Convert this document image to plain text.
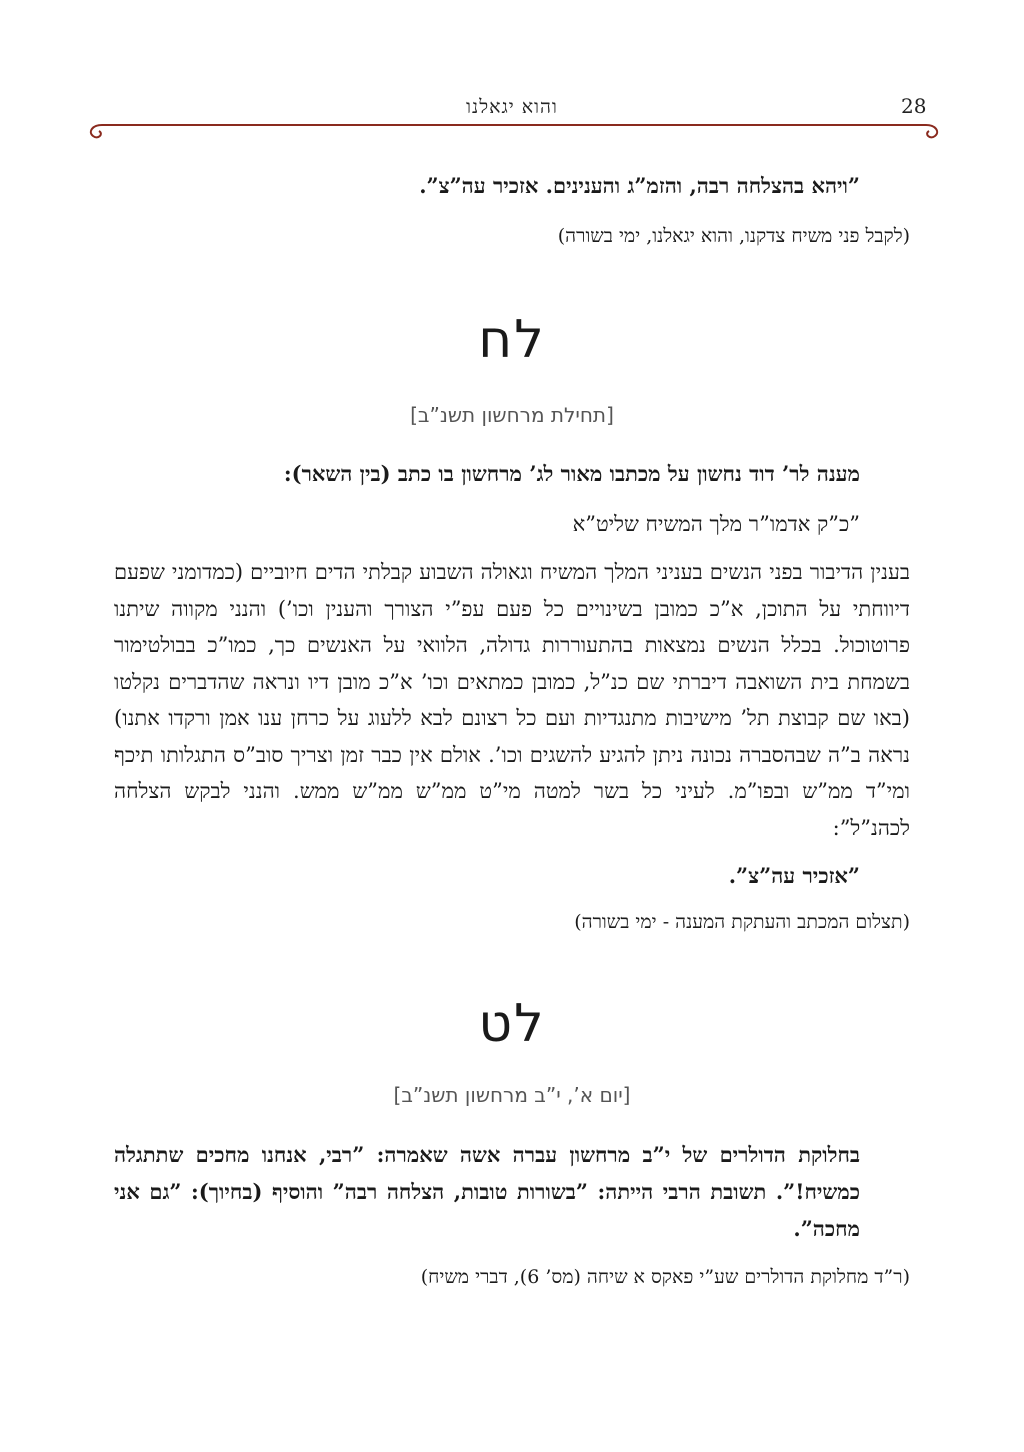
28
והוא יגאלנו

”ויהא בהצלחה רבה, והזמ”ג והענינים. אזכיר עה”צ”.

(לקבל פני משיח צדקנו, והוא יגאלנו, ימי בשורה)

לח

[תחילת מרחשון תשנ”ב]

מענה לר’ דוד נחשון על מכתבו מאור לג’ מרחשון בו כתב (בין השאר):

”כ”ק אדמו”ר מלך המשיח שליט”א

בענין הדיבור בפני הנשים בעניני המלך המשיח וגאולה השבוע קבלתי הדים חיוביים (כמדומני שפעם דיווחתי על התוכן, א”כ כמובן בשינויים כל פעם עפ”י הצורך והענין וכו’) והנני מקווה שיתנו פרוטוכול. בכלל הנשים נמצאות בהתעוררות גדולה, הלוואי על האנשים כך, כמו”כ בבולטימור בשמחת בית השואבה דיברתי שם כנ”ל, כמובן כמתאים וכו’ א”כ מובן דיו ונראה שהדברים נקלטו (באו שם קבוצת תל’ מישיבות מתנגדיות ועם כל רצונם לבא ללעוג על כרחן ענו אמן ורקדו אתנו) נראה ב”ה שבהסברה נכונה ניתן להגיע להשגים וכו’. אולם אין כבר זמן וצריך סוב”ס התגלותו תיכף ומי”ד ממ”ש ובפו”מ. לעיני כל בשר למטה מי”ט ממ”ש ממ”ש ממש. והנני לבקש הצלחה לכהנ”ל”:

”אזכיר עה”צ”.

(תצלום המכתב והעתקת המענה - ימי בשורה)

לט

[יום א’, י”ב מרחשון תשנ”ב]

בחלוקת הדולרים של י”ב מרחשון עברה אשה שאמרה: ”רבי, אנחנו מחכים שתתגלה כמשיח!”. תשובת הרבי הייתה: ”בשורות טובות, הצלחה רבה” והוסיף (בחיוך): ”גם אני מחכה”.

(ר”ד מחלוקת הדולרים שע”י פאקס א שיחה (מס’ 6), דברי משיח)
